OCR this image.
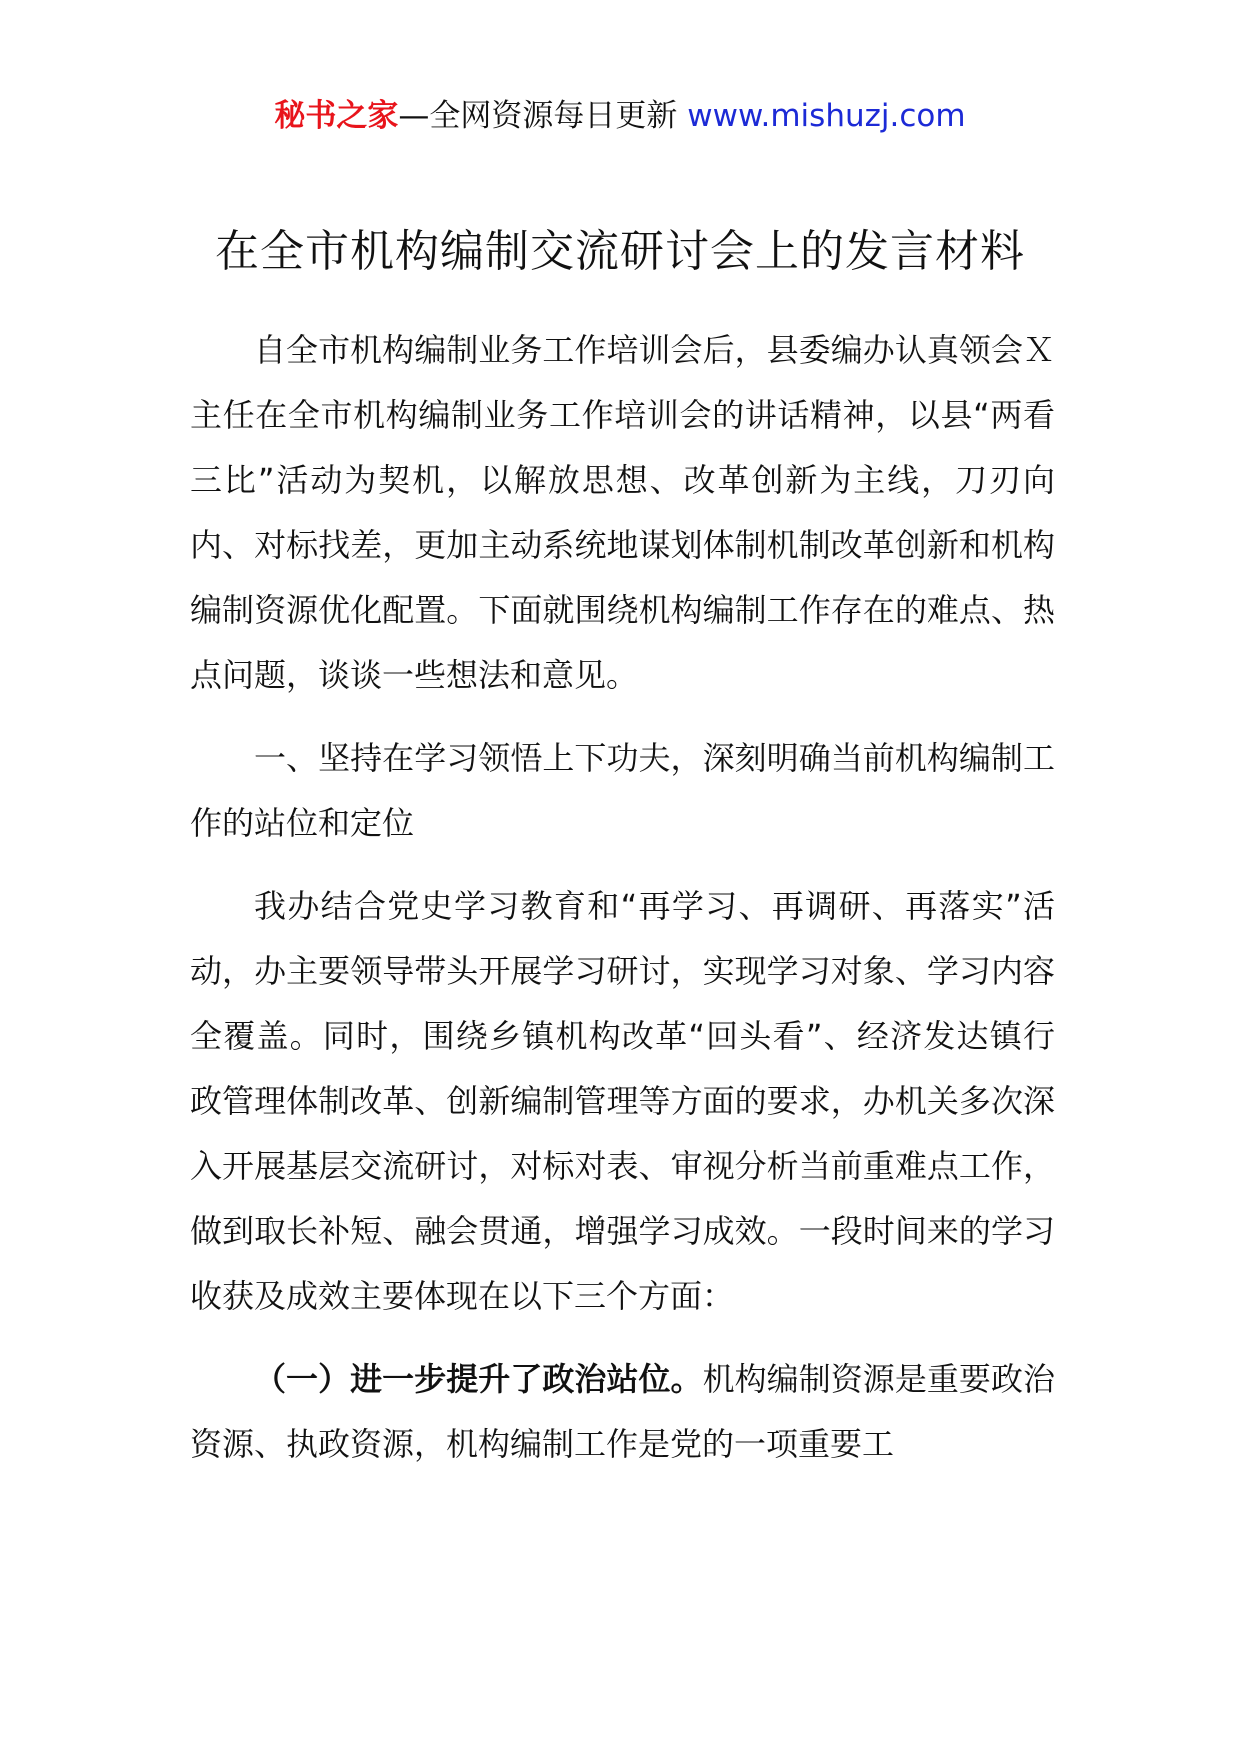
秘书之家—全网资源每日更新 www.mishuzj.com
在全市机构编制交流研讨会上的发言材料

自全市机构编制业务工作培训会后，县委编办认真领会Ｘ主任在全市机构编制业务工作培训会的讲话精神，以县“两看三比”活动为契机，以解放思想、改革创新为主线，刀刃向内、对标找差，更加主动系统地谋划体制机制改革创新和机构编制资源优化配置。下面就围绕机构编制工作存在的难点、热点问题，谈谈一些想法和意见。

一、坚持在学习领悟上下功夫，深刻明确当前机构编制工作的站位和定位

我办结合党史学习教育和“再学习、再调研、再落实”活动，办主要领导带头开展学习研讨，实现学习对象、学习内容全覆盖。同时，围绕乡镇机构改革“回头看”、经济发达镇行政管理体制改革、创新编制管理等方面的要求，办机关多次深入开展基层交流研讨，对标对表、审视分析当前重难点工作，做到取长补短、融会贯通，增强学习成效。一段时间来的学习收获及成效主要体现在以下三个方面：

（一）进一步提升了政治站位。机构编制资源是重要政治资源、执政资源，机构编制工作是党的一项重要工
